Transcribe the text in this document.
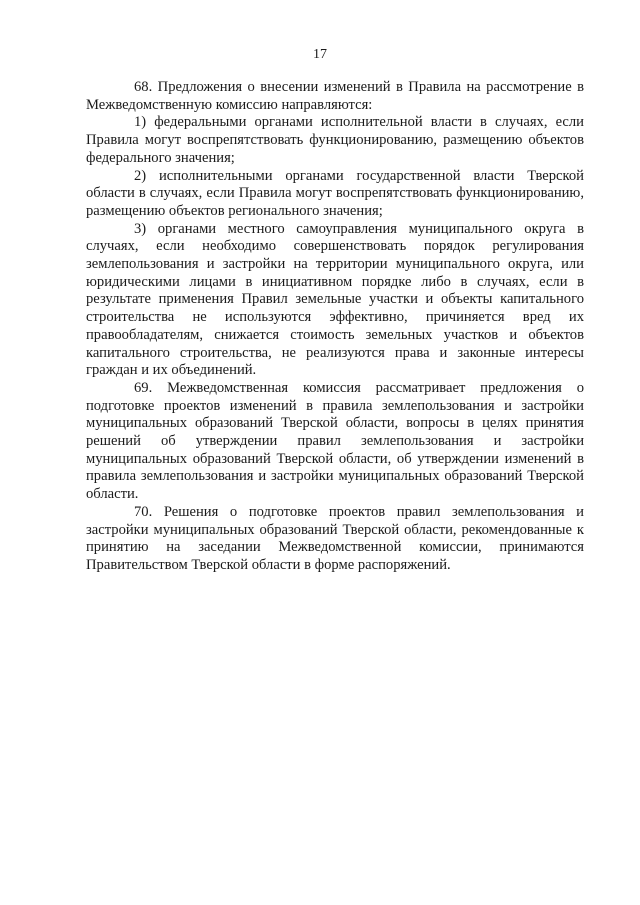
17

68. Предложения о внесении изменений в Правила на рассмотрение в Межведомственную комиссию направляются:

1) федеральными органами исполнительной власти в случаях, если Правила могут воспрепятствовать функционированию, размещению объектов федерального значения;

2) исполнительными органами государственной власти Тверской области в случаях, если Правила могут воспрепятствовать функционированию, размещению объектов регионального значения;

3) органами местного самоуправления муниципального округа в случаях, если необходимо совершенствовать порядок регулирования землепользования и застройки на территории муниципального округа, или юридическими лицами в инициативном порядке либо в случаях, если в результате применения Правил земельные участки и объекты капитального строительства не используются эффективно, причиняется вред их правообладателям, снижается стоимость земельных участков и объектов капитального строительства, не реализуются права и законные интересы граждан и их объединений.

69. Межведомственная комиссия рассматривает предложения о подготовке проектов изменений в правила землепользования и застройки муниципальных образований Тверской области, вопросы в целях принятия решений об утверждении правил землепользования и застройки муниципальных образований Тверской области, об утверждении изменений в правила землепользования и застройки муниципальных образований Тверской области.

70. Решения о подготовке проектов правил землепользования и застройки муниципальных образований Тверской области, рекомендованные к принятию на заседании Межведомственной комиссии, принимаются Правительством Тверской области в форме распоряжений.
